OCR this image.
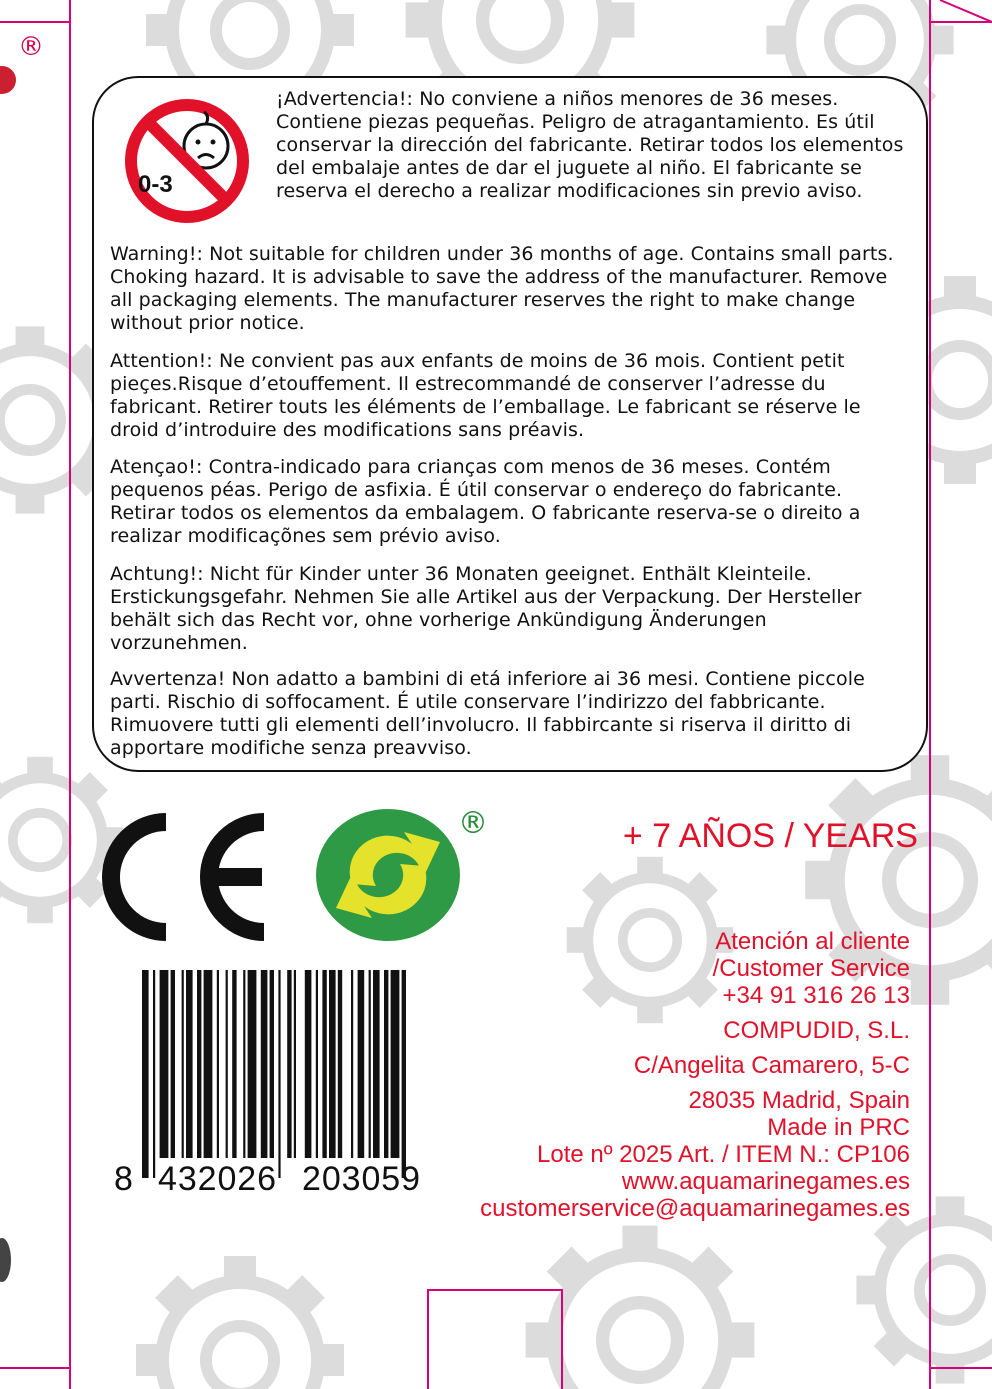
®
0-3

¡Advertencia!: No conviene a niños menores de 36 meses. Contiene piezas pequeñas. Peligro de atragantamiento. Es útil conservar la dirección del fabricante. Retirar todos los elementos del embalaje antes de dar el juguete al niño. El fabricante se reserva el derecho a realizar modificaciones sin previo aviso.

Warning!: Not suitable for children under 36 months of age. Contains small parts. Choking hazard. It is advisable to save the address of the manufacturer. Remove all packaging elements. The manufacturer reserves the right to make change without prior notice.

Attention!: Ne convient pas aux enfants de moins de 36 mois. Contient petit pieçes.Risque d’etouffement. Il estrecommandé de conserver l’adresse du fabricant. Retirer touts les éléments de l’emballage. Le fabricant se réserve le droid d’introduire des modifications sans préavis.

Atençao!: Contra-indicado para crianças com menos de 36 meses. Contém pequenos péas. Perigo de asfixia. É útil conservar o endereço do fabricante. Retirar todos os elementos da embalagem. O fabricante reserva-se o direito a realizar modificaçõnes sem prévio aviso.

Achtung!: Nicht für Kinder unter 36 Monaten geeignet. Enthält Kleinteile. Erstickungsgefahr. Nehmen Sie alle Artikel aus der Verpackung. Der Hersteller behält sich das Recht vor, ohne vorherige Ankündigung Änderungen vorzunehmen.

Avvertenza! Non adatto a bambini di etá inferiore ai 36 mesi. Contiene piccole parti. Rischio di soffocament. É utile conservare l’indirizzo del fabbricante. Rimuovere tutti gli elementi dell’involucro. Il fabbircante si riserva il diritto di apportare modifiche senza preavviso.

®	+ 7 AÑOS / YEARS
Atención al cliente
/Customer Service
+34 91 316 26 13
COMPUDID, S.L.
C/Angelita Camarero, 5-C
28035 Madrid, Spain
Made in PRC
Lote nº 2025 Art. / ITEM N.: CP106
www.aquamarinegames.es
customerservice@aquamarinegames.es
8 432026 203059
